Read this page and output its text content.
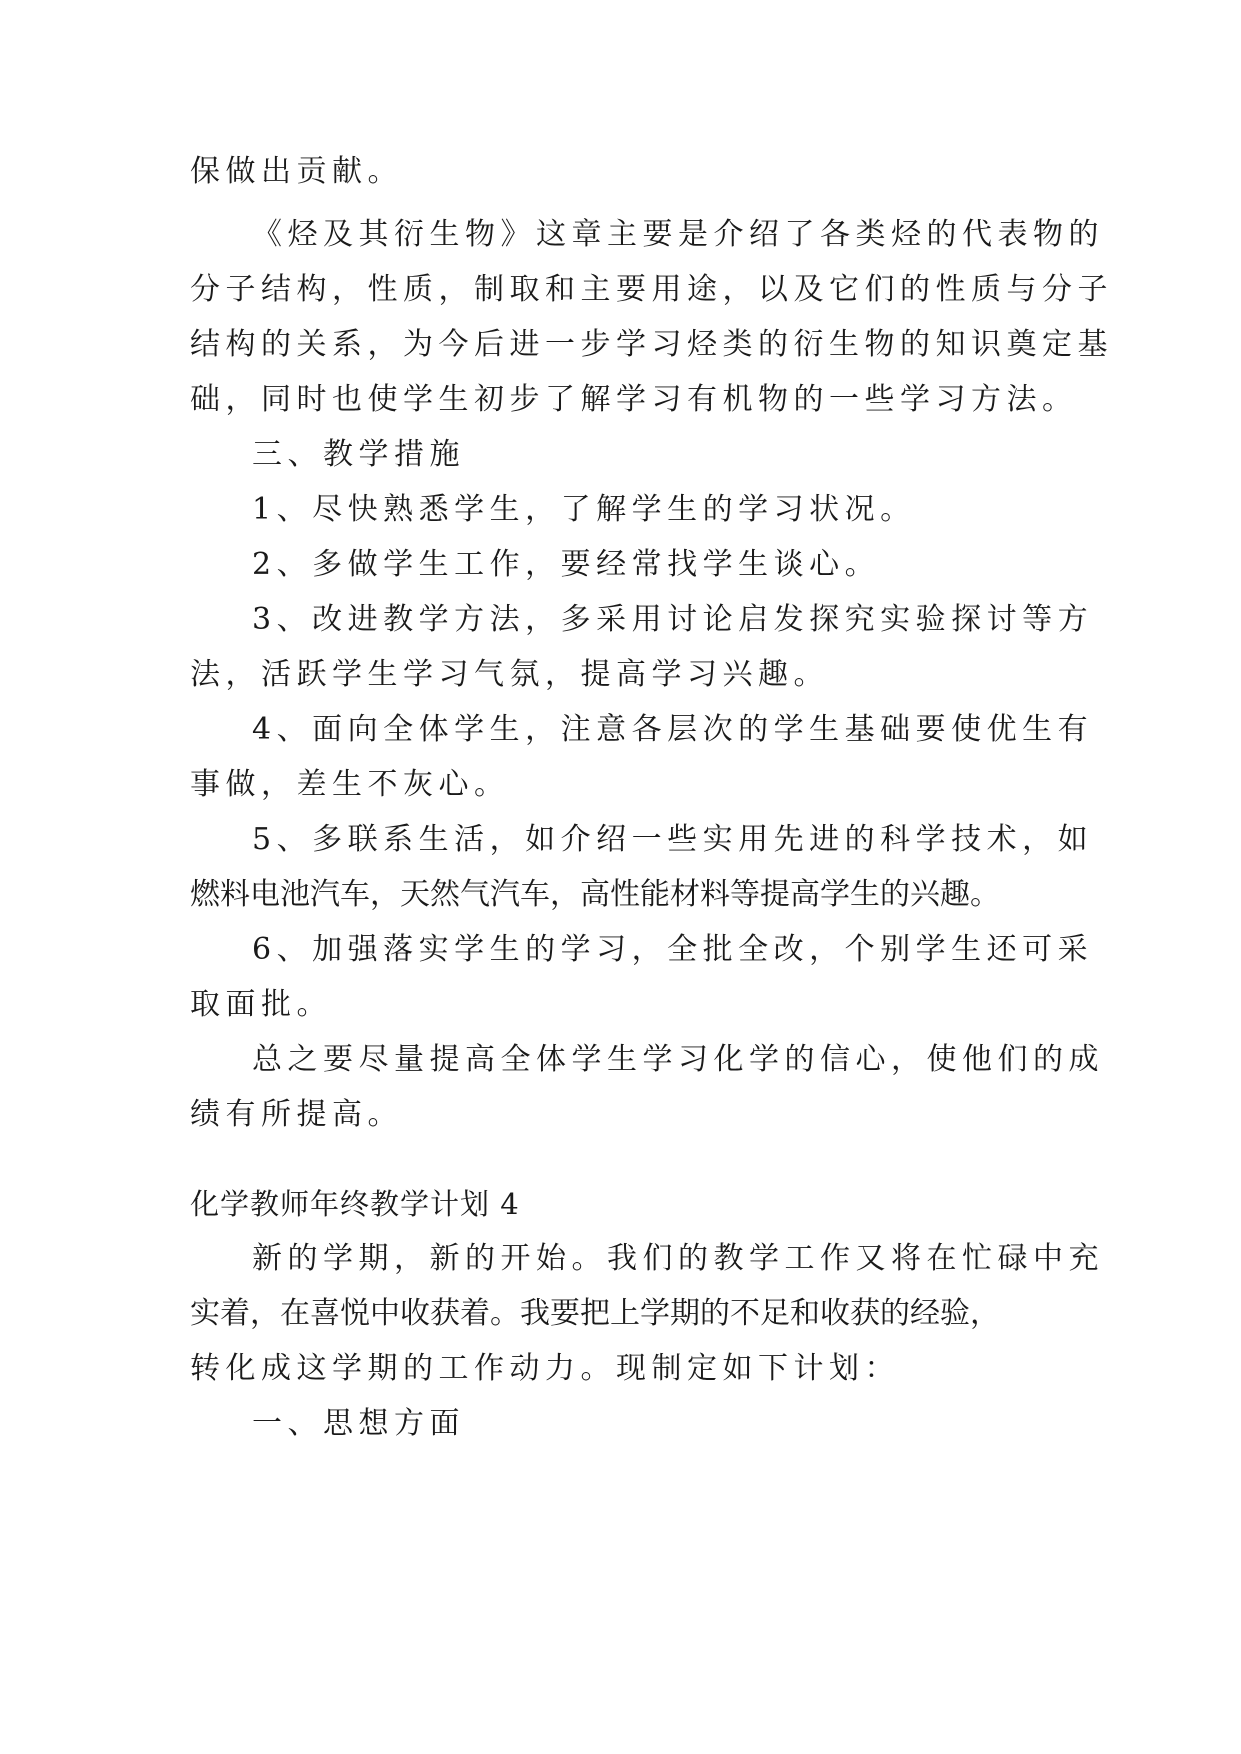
保做出贡献。
《烃及其衍生物》这章主要是介绍了各类烃的代表物的
分子结构，性质，制取和主要用途，以及它们的性质与分子
结构的关系，为今后进一步学习烃类的衍生物的知识奠定基
础，同时也使学生初步了解学习有机物的一些学习方法。
三、教学措施
1、尽快熟悉学生，了解学生的学习状况。
2、多做学生工作，要经常找学生谈心。
3、改进教学方法，多采用讨论启发探究实验探讨等方
法，活跃学生学习气氛，提高学习兴趣。
4、面向全体学生，注意各层次的学生基础要使优生有
事做，差生不灰心。
5、多联系生活，如介绍一些实用先进的科学技术，如
燃料电池汽车，天然气汽车，高性能材料等提高学生的兴趣。
6、加强落实学生的学习，全批全改，个别学生还可采
取面批。
总之要尽量提高全体学生学习化学的信心，使他们的成
绩有所提高。
化学教师年终教学计划 4
新的学期，新的开始。我们的教学工作又将在忙碌中充
实着，在喜悦中收获着。我要把上学期的不足和收获的经验，
转化成这学期的工作动力。现制定如下计划：
一、思想方面
